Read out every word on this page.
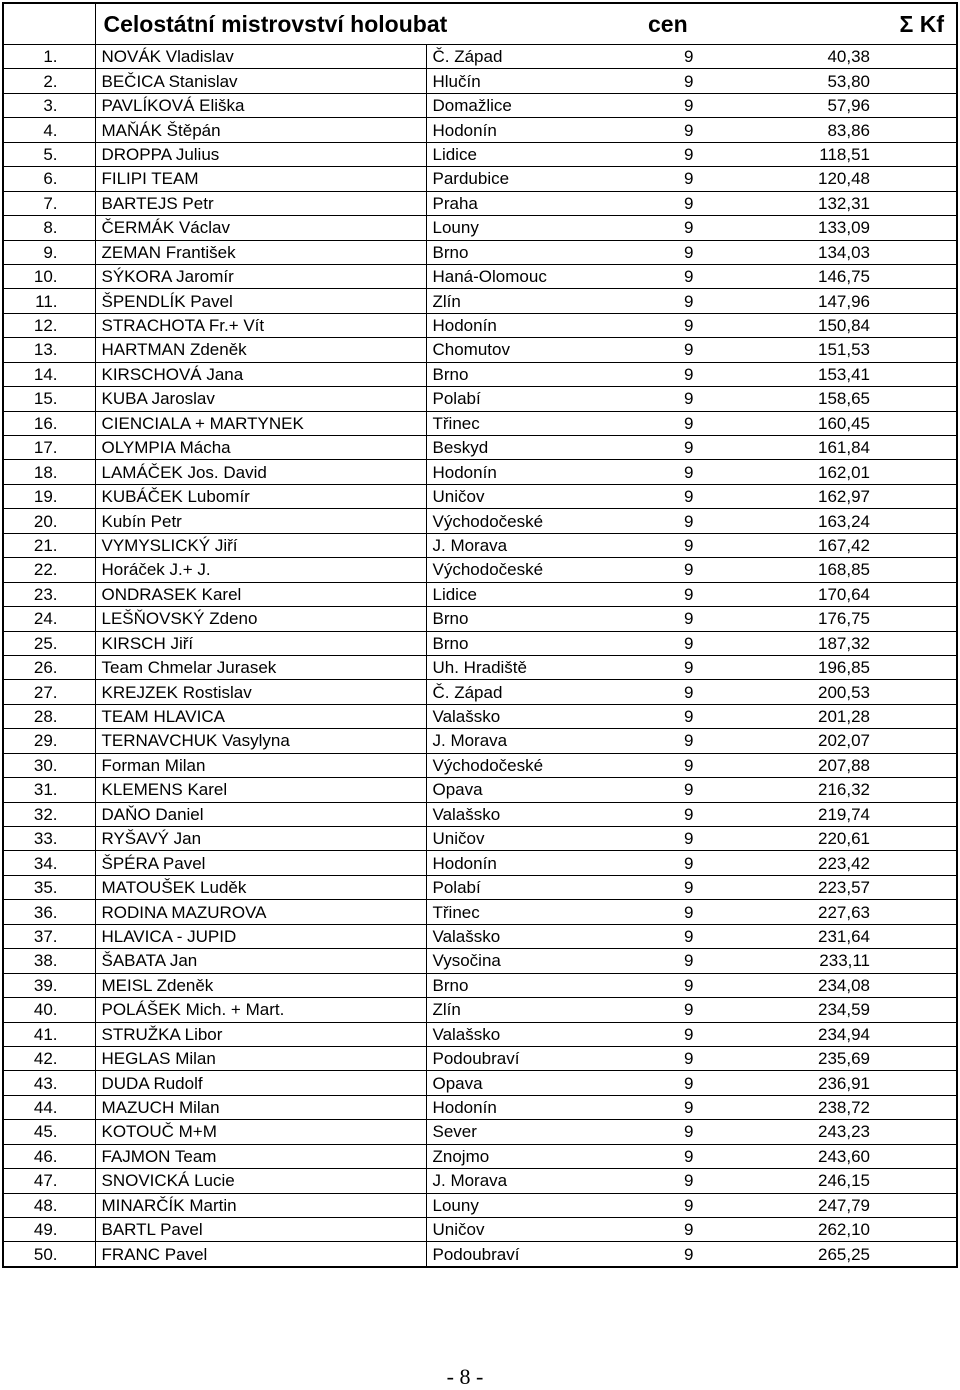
	Celostátní mistrovství holoubat		cen	Σ Kf
1.	NOVÁK Vladislav	Č. Západ	9	40,38
2.	BEČICA Stanislav	Hlučín	9	53,80
3.	PAVLÍKOVÁ Eliška	Domažlice	9	57,96
4.	MAŇÁK Štěpán	Hodonín	9	83,86
5.	DROPPA Julius	Lidice	9	118,51
6.	FILIPI TEAM	Pardubice	9	120,48
7.	BARTEJS Petr	Praha	9	132,31
8.	ČERMÁK Václav	Louny	9	133,09
9.	ZEMAN František	Brno	9	134,03
10.	SÝKORA Jaromír	Haná-Olomouc	9	146,75
11.	ŠPENDLÍK Pavel	Zlín	9	147,96
12.	STRACHOTA Fr.+ Vít	Hodonín	9	150,84
13.	HARTMAN Zdeněk	Chomutov	9	151,53
14.	KIRSCHOVÁ Jana	Brno	9	153,41
15.	KUBA Jaroslav	Polabí	9	158,65
16.	CIENCIALA + MARTYNEK	Třinec	9	160,45
17.	OLYMPIA Mácha	Beskyd	9	161,84
18.	LAMÁČEK Jos. David	Hodonín	9	162,01
19.	KUBÁČEK Lubomír	Uničov	9	162,97
20.	Kubín Petr	Východočeské	9	163,24
21.	VYMYSLICKÝ Jiří	J. Morava	9	167,42
22.	Horáček J.+ J.	Východočeské	9	168,85
23.	ONDRASEK Karel	Lidice	9	170,64
24.	LEŠŇOVSKÝ Zdeno	Brno	9	176,75
25.	KIRSCH Jiří	Brno	9	187,32
26.	Team Chmelar Jurasek	Uh. Hradiště	9	196,85
27.	KREJZEK Rostislav	Č. Západ	9	200,53
28.	TEAM HLAVICA	Valašsko	9	201,28
29.	TERNAVCHUK Vasylyna	J. Morava	9	202,07
30.	Forman Milan	Východočeské	9	207,88
31.	KLEMENS Karel	Opava	9	216,32
32.	DAŇO Daniel	Valašsko	9	219,74
33.	RYŠAVÝ Jan	Uničov	9	220,61
34.	ŠPÉRA Pavel	Hodonín	9	223,42
35.	MATOUŠEK Luděk	Polabí	9	223,57
36.	RODINA MAZUROVA	Třinec	9	227,63
37.	HLAVICA - JUPID	Valašsko	9	231,64
38.	ŠABATA Jan	Vysočina	9	233,11
39.	MEISL Zdeněk	Brno	9	234,08
40.	POLÁŠEK Mich. + Mart.	Zlín	9	234,59
41.	STRUŽKA Libor	Valašsko	9	234,94
42.	HEGLAS Milan	Podoubraví	9	235,69
43.	DUDA Rudolf	Opava	9	236,91
44.	MAZUCH Milan	Hodonín	9	238,72
45.	KOTOUČ M+M	Sever	9	243,23
46.	FAJMON Team	Znojmo	9	243,60
47.	SNOVICKÁ Lucie	J. Morava	9	246,15
48.	MINARČÍK Martin	Louny	9	247,79
49.	BARTL Pavel	Uničov	9	262,10
50.	FRANC Pavel	Podoubraví	9	265,25
- 8 -
